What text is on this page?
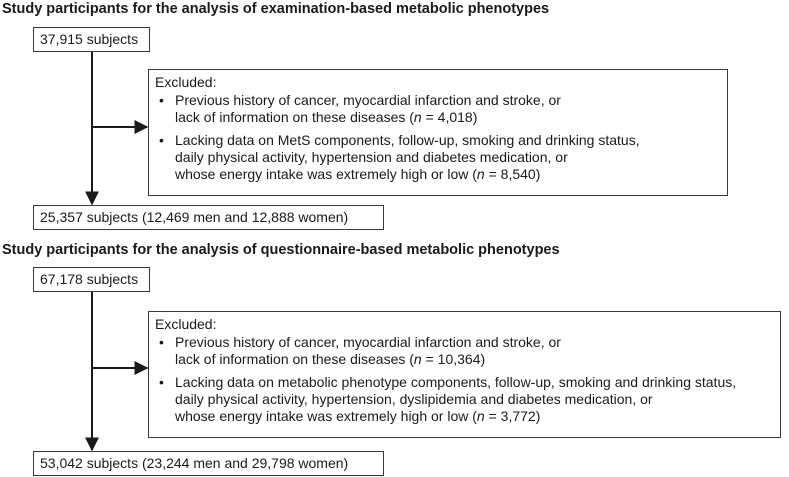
Study participants for the analysis of examination-based metabolic phenotypes
37,915 subjects
Excluded:
• Previous history of cancer, myocardial infarction and stroke, or
lack of information on these diseases (n = 4,018)
• Lacking data on MetS components, follow-up, smoking and drinking status,
daily physical activity, hypertension and diabetes medication, or
whose energy intake was extremely high or low (n = 8,540)
25,357 subjects (12,469 men and 12,888 women)
Study participants for the analysis of questionnaire-based metabolic phenotypes
67,178 subjects
Excluded:
• Previous history of cancer, myocardial infarction and stroke, or
lack of information on these diseases (n = 10,364)
• Lacking data on metabolic phenotype components, follow-up, smoking and drinking status,
daily physical activity, hypertension, dyslipidemia and diabetes medication, or
whose energy intake was extremely high or low (n = 3,772)
53,042 subjects (23,244 men and 29,798 women)
